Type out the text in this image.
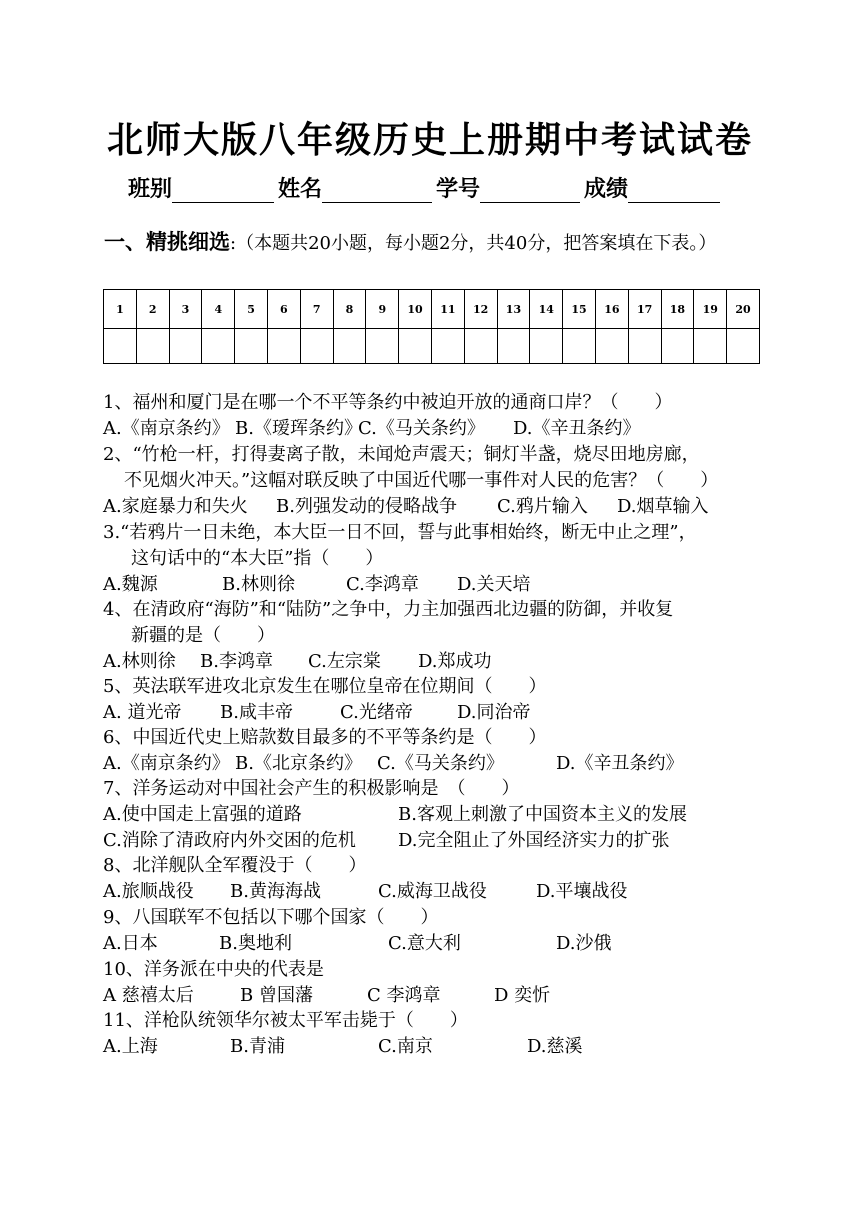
北师大版八年级历史上册期中考试试卷
班别	姓名	学号	成绩
一、精挑细选:（本题共20小题，每小题2分，共40分，把答案填在下表。）
1	2	3	4	5	6	7	8	9	10	11	12	13	14	15	16	17	18	19	20

1、福州和厦门是在哪一个不平等条约中被迫开放的通商口岸？（　　）
A.《南京条约》 B.《瑷珲条约》
C.《马关条约》 D.《辛丑条约》
2、“竹枪一杆，打得妻离子散，未闻炝声震天；铜灯半盏，烧尽田地房廊，
不见烟火冲天。”这幅对联反映了中国近代哪一事件对人民的危害？（　　）
A.家庭暴力和失火 B.列强发动的侵略战争 C.鸦片输入 D.烟草输入
3.“若鸦片一日未绝，本大臣一日不回，誓与此事相始终，断无中止之理”，
这句话中的“本大臣”指（　　）
A.魏源	B.林则徐	C.李鸿章 D.关天培
4、在清政府“海防”和“陆防”之争中，力主加强西北边疆的防御，并收复
新疆的是（　　）
A.林则徐 B.李鸿章 C.左宗棠 D.郑成功
5、英法联军进攻北京发生在哪位皇帝在位期间（　　）
A. 道光帝 B.咸丰帝	C.光绪帝 D.同治帝
6、中国近代史上赔款数目最多的不平等条约是（　　）
A.《南京条约》 B.《北京条约》 C.《马关条约》	D.《辛丑条约》
7、洋务运动对中国社会产生的积极影响是　（　　）
A.使中国走上富强的道路	B.客观上刺激了中国资本主义的发展
C.消除了清政府内外交困的危机 D.完全阻止了外国经济实力的扩张
8、北洋舰队全军覆没于（　　）
A.旅顺战役 B.黄海海战	C.威海卫战役	D.平壤战役
9、八国联军不包括以下哪个国家（　　）
A.日本	B.奥地利	C.意大利	D.沙俄
10、洋务派在中央的代表是
A 慈禧太后	B 曾国藩	C 李鸿章	D 奕忻
11、洋枪队统领华尔被太平军击毙于（　　）
A.上海	B.青浦	C.南京	D.慈溪
